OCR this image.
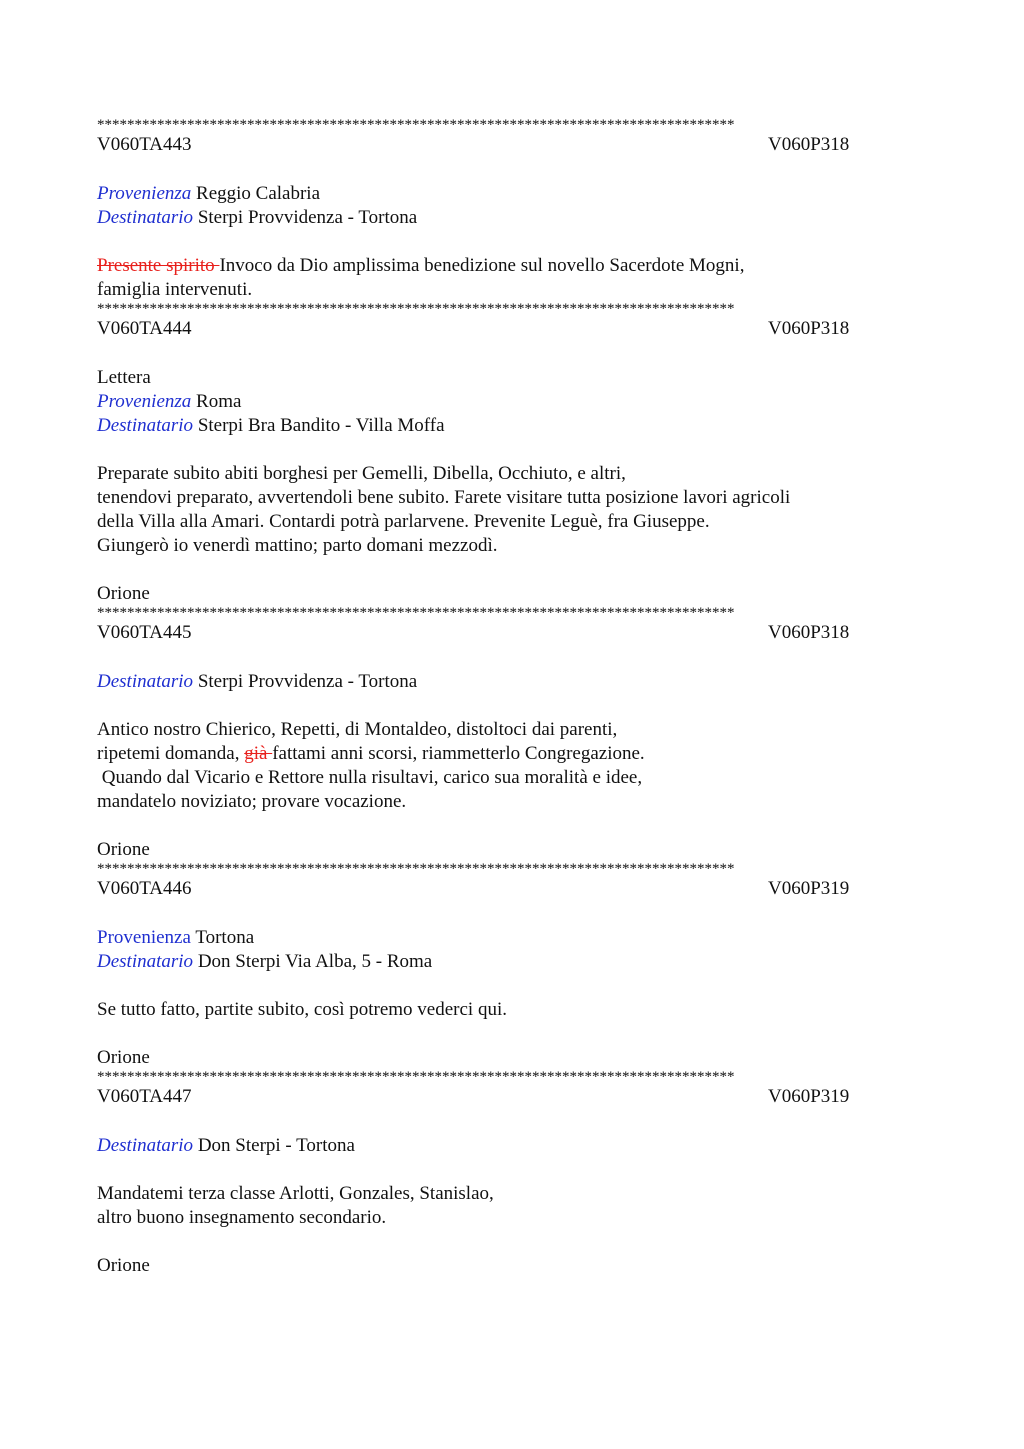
*************************************************************************************
V060TA443	V060P318
Provenienza Reggio Calabria
Destinatario Sterpi Provvidenza - Tortona
Presente spirito Invoco da Dio amplissima benedizione sul novello Sacerdote Mogni,
famiglia intervenuti.
*************************************************************************************
V060TA444	V060P318
Lettera
Provenienza Roma
Destinatario Sterpi Bra Bandito - Villa Moffa
Preparate subito abiti borghesi per Gemelli, Dibella, Occhiuto, e altri,
tenendovi preparato, avvertendoli bene subito. Farete visitare tutta posizione lavori agricoli
della Villa alla Amari. Contardi potrà parlarvene. Prevenite Leguè, fra Giuseppe.
Giungerò io venerdì mattino; parto domani mezzodì.
Orione
*************************************************************************************
V060TA445	V060P318
Destinatario Sterpi Provvidenza - Tortona
Antico nostro Chierico, Repetti, di Montaldeo, distoltoci dai parenti,
ripetemi domanda, già fattami anni scorsi, riammetterlo Congregazione.
Quando dal Vicario e Rettore nulla risultavi, carico sua moralità e idee,
mandatelo noviziato; provare vocazione.
Orione
*************************************************************************************
V060TA446	V060P319
Provenienza Tortona
Destinatario Don Sterpi Via Alba, 5 - Roma
Se tutto fatto, partite subito, così potremo vederci qui.
Orione
*************************************************************************************
V060TA447	V060P319
Destinatario Don Sterpi - Tortona
Mandatemi terza classe Arlotti, Gonzales, Stanislao,
altro buono insegnamento secondario.
Orione
